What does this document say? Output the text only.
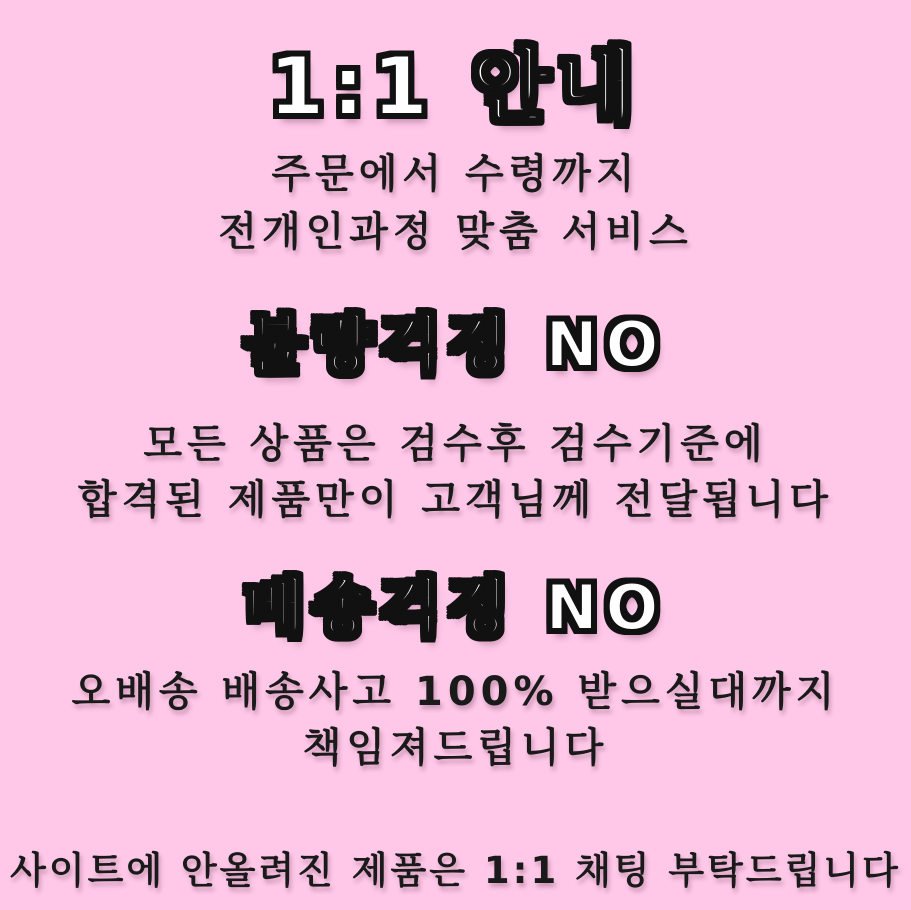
1:1 안내

주문에서 수령까지

전개인과정 맞춤 서비스

불량걱정 NO

모든 상품은 검수후 검수기준에

합격된 제품만이 고객님께 전달됩니다

배송걱정 NO

오배송 배송사고 100% 받으실대까지

책임져드립니다

사이트에 안올려진 제품은 1:1 채팅 부탁드립니다
